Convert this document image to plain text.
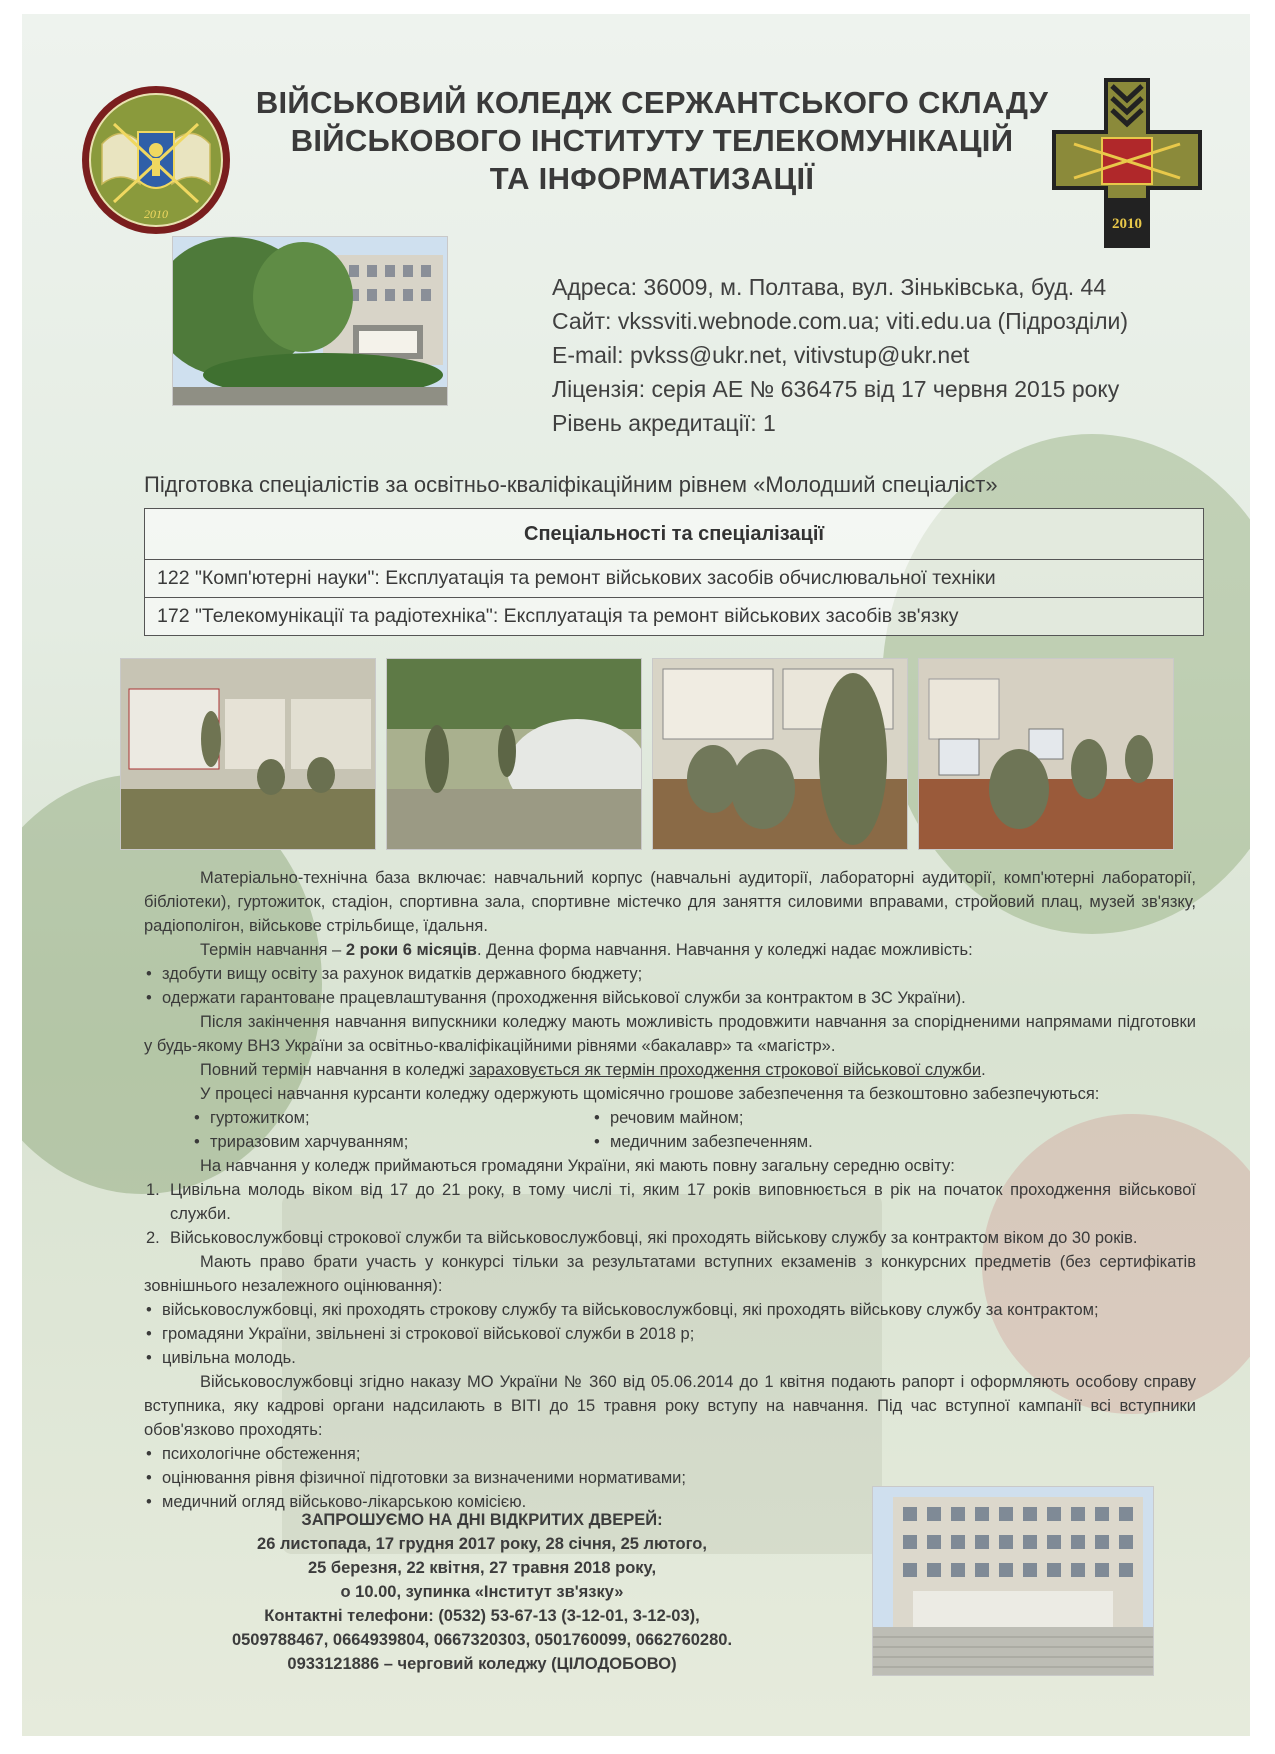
2010
ВІЙСЬКОВИЙ КОЛЕДЖ СЕРЖАНТСЬКОГО СКЛАДУ
ВІЙСЬКОВОГО ІНСТИТУТУ ТЕЛЕКОМУНІКАЦІЙ
ТА ІНФОРМАТИЗАЦІЇ
2010
Адреса: 36009, м. Полтава, вул. Зіньківська, буд. 44
Сайт: vkssviti.webnode.com.ua; viti.edu.ua (Підрозділи)
E-mail: pvkss@ukr.net, vitivstup@ukr.net
Ліцензія: серія АЕ № 636475 від 17 червня 2015 року
Рівень акредитації: 1
Підготовка спеціалістів за освітньо-кваліфікаційним рівнем «Молодший спеціаліст»
Спеціальності та спеціалізації
122 "Комп'ютерні науки": Експлуатація та ремонт військових засобів обчислювальної техніки
172 "Телекомунікації та радіотехніка": Експлуатація та ремонт військових засобів зв'язку

Матеріально-технічна база включає: навчальний корпус (навчальні аудиторії, лабораторні аудиторії, комп'ютерні лабораторії, бібліотеки), гуртожиток, стадіон, спортивна зала, спортивне містечко для заняття силовими вправами, стройовий плац, музей зв'язку, радіополігон, військове стрільбище, їдальня.

Термін навчання – 2 роки 6 місяців. Денна форма навчання. Навчання у коледжі надає можливість:

• здобути вищу освіту за рахунок видатків державного бюджету;

• одержати гарантоване працевлаштування (проходження військової служби за контрактом в ЗС України).

Після закінчення навчання випускники коледжу мають можливість продовжити навчання за спорідненими напрямами підготовки у будь-якому ВНЗ України за освітньо-кваліфікаційними рівнями «бакалавр» та «магістр».

Повний термін навчання в коледжі зараховується як термін проходження строкової військової служби.

У процесі навчання курсанти коледжу одержують щомісячно грошове забезпечення та безкоштовно забезпечуються:

• гуртожитком;	• речовим майном;

• триразовим харчуванням;	• медичним забезпеченням.

На навчання у коледж приймаються громадяни України, які мають повну загальну середню освіту:

1. Цивільна молодь віком від 17 до 21 року, в тому числі ті, яким 17 років виповнюється в рік на початок проходження військової служби.

2. Військовослужбовці строкової служби та військовослужбовці, які проходять військову службу за контрактом віком до 30 років.

Мають право брати участь у конкурсі тільки за результатами вступних екзаменів з конкурсних предметів (без сертифікатів зовнішнього незалежного оцінювання):

• військовослужбовці, які проходять строкову службу та військовослужбовці, які проходять військову службу за контрактом;

• громадяни України, звільнені зі строкової військової служби в 2018 р;

• цивільна молодь.

Військовослужбовці згідно наказу МО України № 360 від 05.06.2014 до 1 квітня подають рапорт і оформляють особову справу вступника, яку кадрові органи надсилають в ВІТІ до 15 травня року вступу на навчання. Під час вступної кампанії всі вступники обов'язково проходять:

• психологічне обстеження;

• оцінювання рівня фізичної підготовки за визначеними нормативами;

• медичний огляд військово-лікарською комісією.

ЗАПРОШУЄМО НА ДНІ ВІДКРИТИХ ДВЕРЕЙ:
26 листопада, 17 грудня 2017 року, 28 січня, 25 лютого,
25 березня, 22 квітня, 27 травня 2018 року,
о 10.00, зупинка «Інститут зв'язку»
Контактні телефони: (0532) 53-67-13 (3-12-01, 3-12-03),
0509788467, 0664939804, 0667320303, 0501760099, 0662760280.
0933121886 – черговий коледжу (ЦІЛОДОБОВО)
